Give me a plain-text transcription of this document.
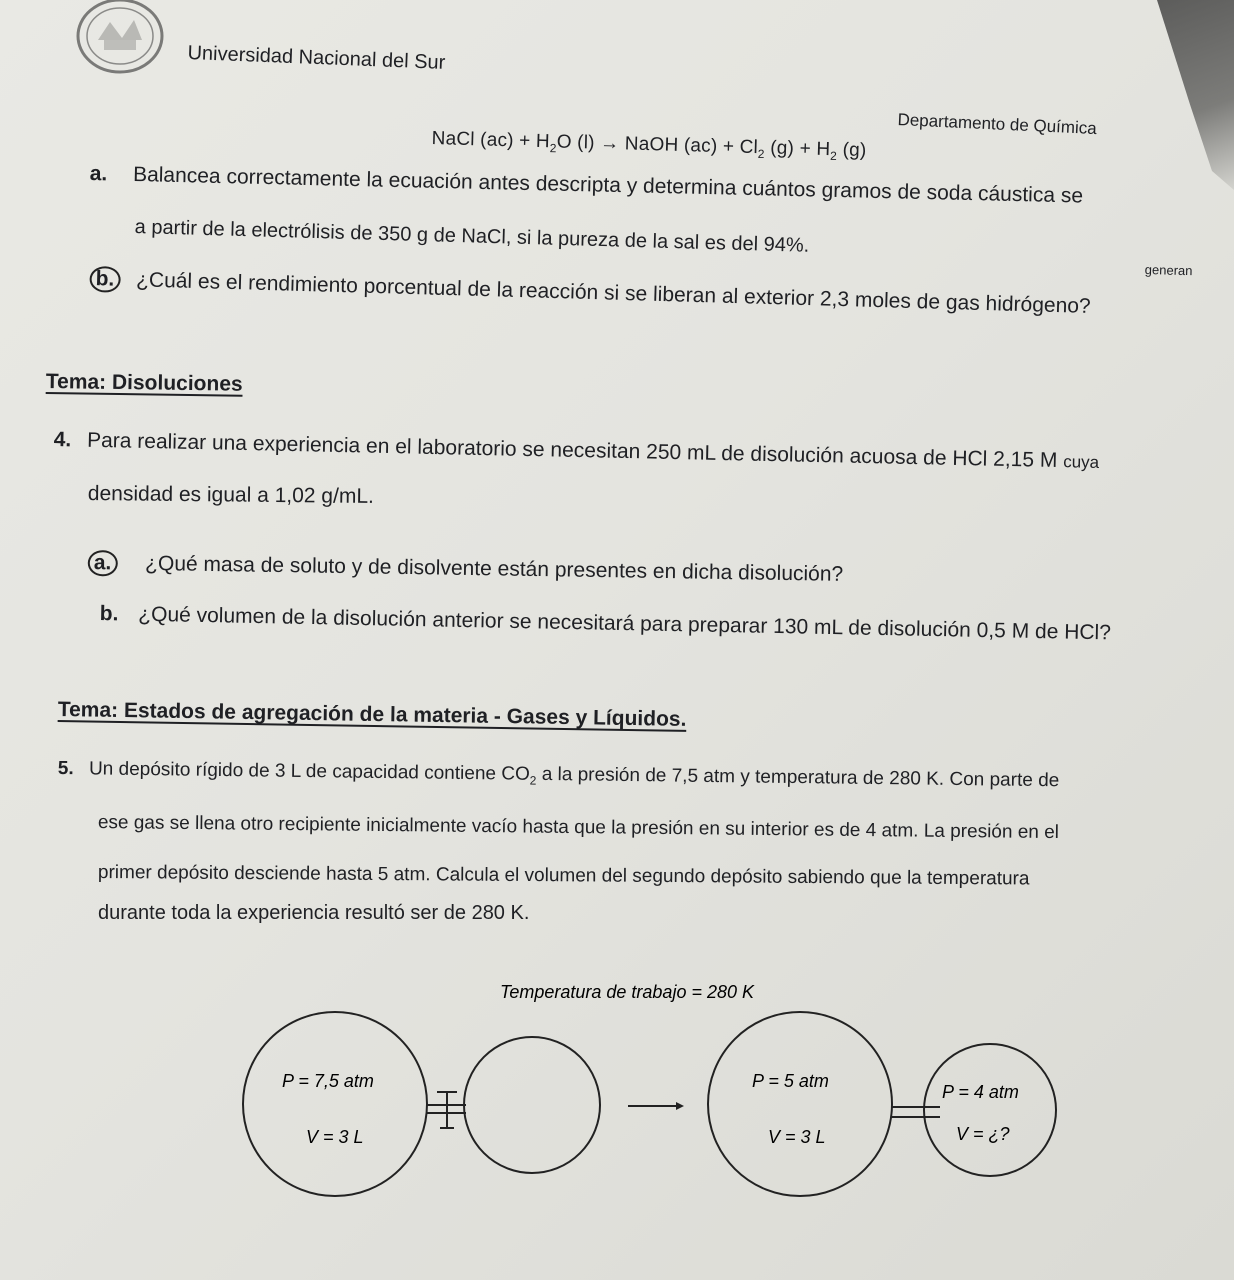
Universidad Nacional del Sur
Departamento de Química
NaCl $(ac) + H_2O$ (l) → NaOH $(ac) + Cl_2$ $(g) + H_2$ (g)
a. Balancea correctamente la ecuación antes descripta y determina cuántos gramos de soda cáustica se
generan
a partir de la electrólisis de 350 g de NaCl, si la pureza de la sal es del 94%.
b. ¿Cuál es el rendimiento porcentual de la reacción si se liberan al exterior 2,3 moles de gas hidrógeno?
Tema: Disoluciones
4. Para realizar una experiencia en el laboratorio se necesitan 250 mL de disolución acuosa de HCl 2,15 M cuya
densidad es igual a 1,02 g/mL.
a. ¿Qué masa de soluto y de disolvente están presentes en dicha disolución?
b. ¿Qué volumen de la disolución anterior se necesitará para preparar 130 mL de disolución 0,5 M de HCl?
Tema: Estados de agregación de la materia - Gases y Líquidos.
5. Un depósito rígido de 3 L de capacidad contiene $CO_2$ a la presión de 7,5 atm y temperatura de 280 K. Con parte de
ese gas se llena otro recipiente inicialmente vacío hasta que la presión en su interior es de 4 atm. La presión en el
primer depósito desciende hasta 5 atm. Calcula el volumen del segundo depósito sabiendo que la temperatura
durante toda la experiencia resultó ser de 280 K.
Temperatura de trabajo = 280 K
P = 7,5 atm
V = 3 L
P = 5 atm
V = 3 L
P = 4 atm
V = ¿?
